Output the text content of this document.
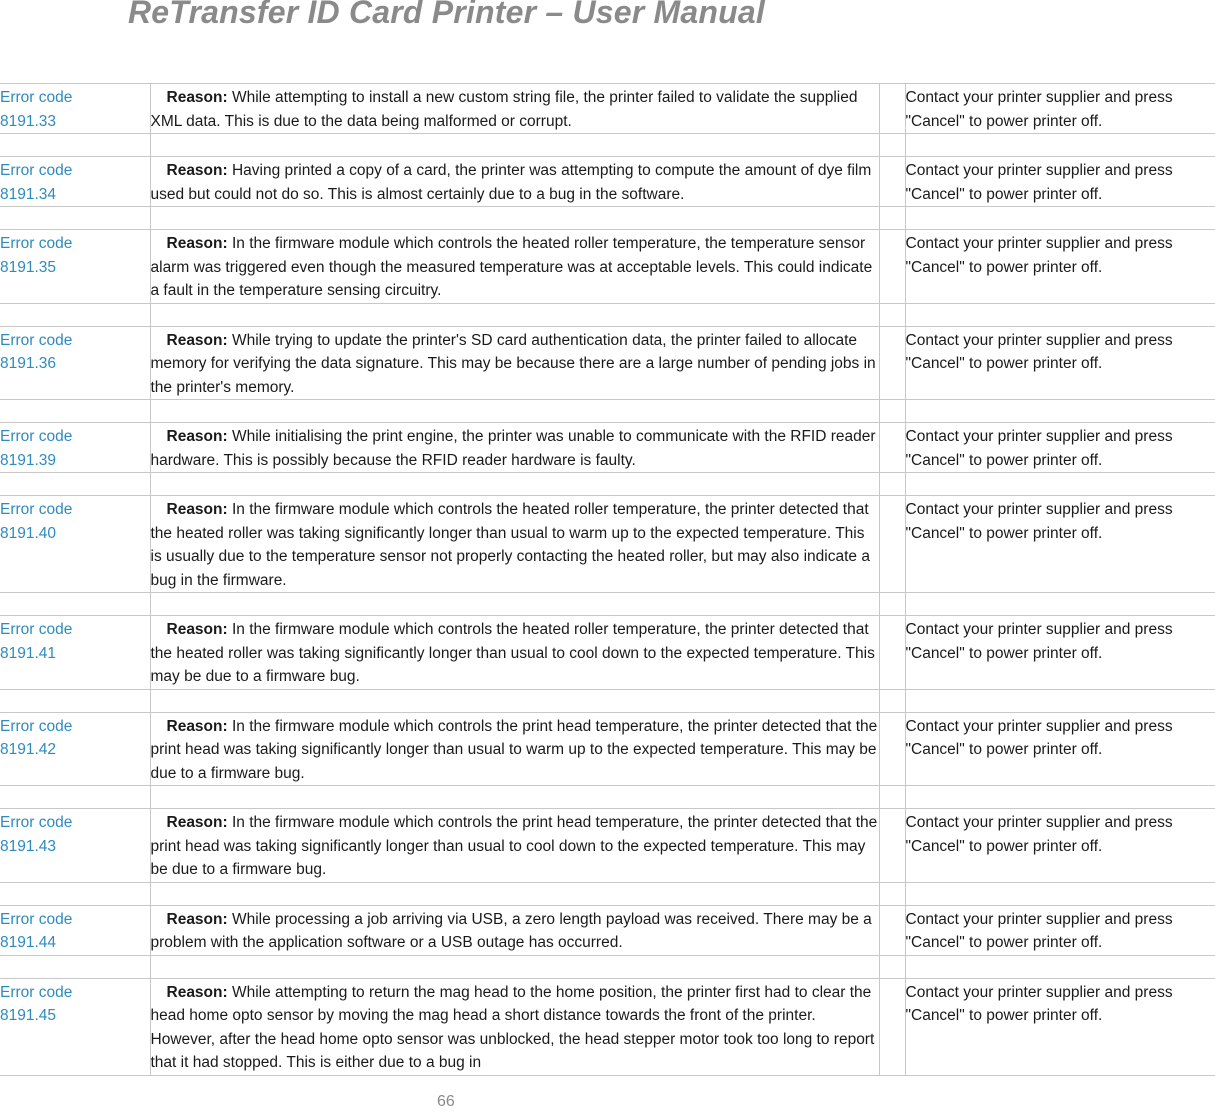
ReTransfer ID Card Printer – User Manual
Error code
8191.33	Reason: While attempting to install a new custom string file, the printer failed to validate the supplied XML data. This is due to the data being malformed or corrupt.		Contact your printer supplier and press
"Cancel" to power printer off.

Error code
8191.34	Reason: Having printed a copy of a card, the printer was attempting to compute the amount of dye film used but could not do so. This is almost certainly due to a bug in the software.		Contact your printer supplier and press
"Cancel" to power printer off.

Error code
8191.35	Reason: In the firmware module which controls the heated roller temperature, the temperature sensor alarm was triggered even though the measured temperature was at acceptable levels. This could indicate a fault in the temperature sensing circuitry.		Contact your printer supplier and press
"Cancel" to power printer off.

Error code
8191.36	Reason: While trying to update the printer's SD card authentication data, the printer failed to allocate memory for verifying the data signature. This may be because there are a large number of pending jobs in the printer's memory.		Contact your printer supplier and press
"Cancel" to power printer off.

Error code
8191.39	Reason: While initialising the print engine, the printer was unable to communicate with the RFID reader hardware. This is possibly because the RFID reader hardware is faulty.		Contact your printer supplier and press
"Cancel" to power printer off.

Error code
8191.40	Reason: In the firmware module which controls the heated roller temperature, the printer detected that the heated roller was taking significantly longer than usual to warm up to the expected temperature. This is usually due to the temperature sensor not properly contacting the heated roller, but may also indicate a bug in the firmware.		Contact your printer supplier and press
"Cancel" to power printer off.

Error code
8191.41	Reason: In the firmware module which controls the heated roller temperature, the printer detected that the heated roller was taking significantly longer than usual to cool down to the expected temperature. This may be due to a firmware bug.		Contact your printer supplier and press
"Cancel" to power printer off.

Error code
8191.42	Reason: In the firmware module which controls the print head temperature, the printer detected that the print head was taking significantly longer than usual to warm up to the expected temperature. This may be due to a firmware bug.		Contact your printer supplier and press
"Cancel" to power printer off.

Error code
8191.43	Reason: In the firmware module which controls the print head temperature, the printer detected that the print head was taking significantly longer than usual to cool down to the expected temperature. This may be due to a firmware bug.		Contact your printer supplier and press
"Cancel" to power printer off.

Error code
8191.44	Reason: While processing a job arriving via USB, a zero length payload was received. There may be a problem with the application software or a USB outage has occurred.		Contact your printer supplier and press
"Cancel" to power printer off.

Error code
8191.45	Reason: While attempting to return the mag head to the home position, the printer first had to clear the head home opto sensor by moving the mag head a short distance towards the front of the printer. However, after the head home opto sensor was unblocked, the head stepper motor took too long to report that it had stopped. This is either due to a bug in		Contact your printer supplier and press
"Cancel" to power printer off.
66
